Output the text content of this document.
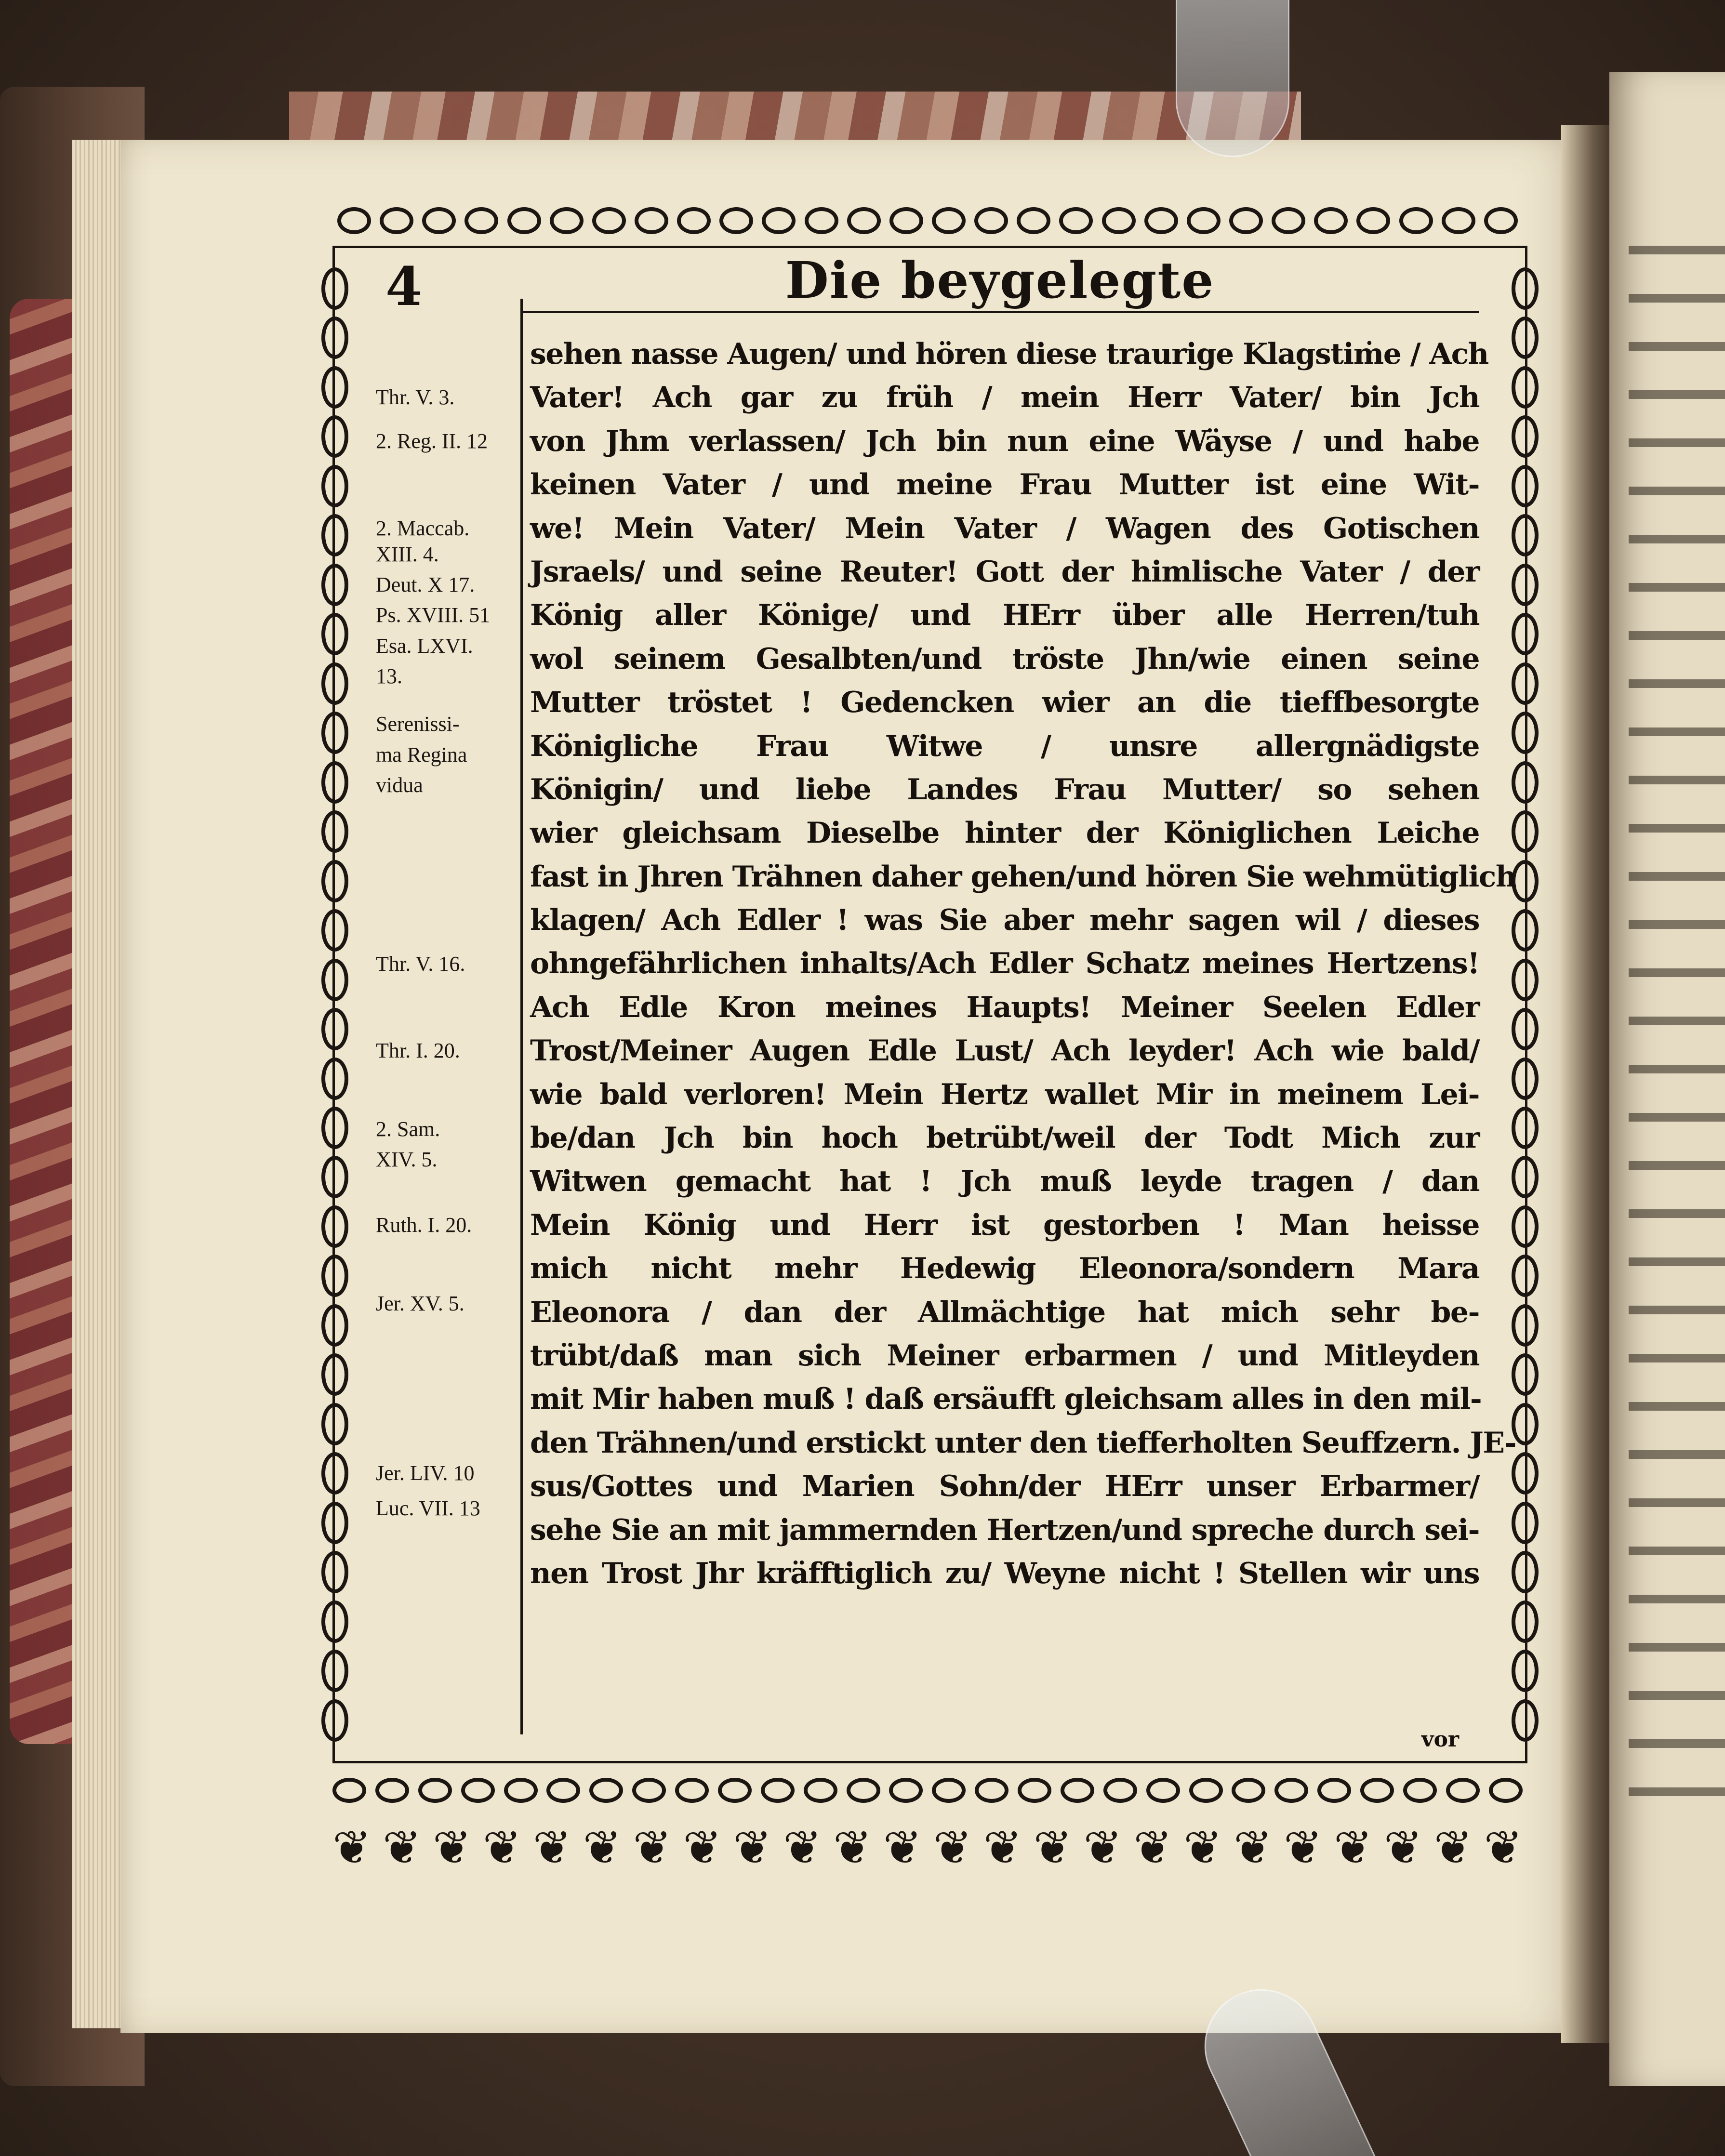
4	Die beygelegte
Thr. V. 3.
2. Reg. II. 12
2. Maccab.
XIII. 4.
Deut. X 17.
Ps. XVIII. 51
Esa. LXVI.
13.
Serenissi-
ma Regina
vidua
Thr. V. 16.
Thr. I. 20.
2. Sam.
XIV. 5.
Ruth. I. 20.
Jer. XV. 5.
Jer. LIV. 10
Luc. VII. 13
sehen nasse Augen/ und hören diese traurige Klagstiṁe / Ach
Vater! Ach gar zu früh / mein Herr Vater/ bin Jch
von Jhm verlassen/ Jch bin nun eine Wäyse / und habe
keinen Vater / und meine Frau Mutter ist eine Wit-
we! Mein Vater/ Mein Vater / Wagen des Gotischen
Jsraels/ und seine Reuter! Gott der himlische Vater / der
König aller Könige/ und HErr über alle Herren/tuh
wol seinem Gesalbten/und tröste Jhn/wie einen seine
Mutter tröstet ! Gedencken wier an die tieffbesorgte
Königliche Frau Witwe / unsre allergnädigste
Königin/ und liebe Landes Frau Mutter/ so sehen
wier gleichsam Dieselbe hinter der Königlichen Leiche
fast in Jhren Trähnen daher gehen/und hören Sie wehmütiglich
klagen/ Ach Edler ! was Sie aber mehr sagen wil / dieses
ohngefährlichen inhalts/Ach Edler Schatz meines Hertzens!
Ach Edle Kron meines Haupts! Meiner Seelen Edler
Trost/Meiner Augen Edle Lust/ Ach leyder! Ach wie bald/
wie bald verloren! Mein Hertz wallet Mir in meinem Lei-
be/dan Jch bin hoch betrübt/weil der Todt Mich zur
Witwen gemacht hat ! Jch muß leyde tragen / dan
Mein König und Herr ist gestorben ! Man heisse
mich nicht mehr Hedewig Eleonora/sondern Mara
Eleonora / dan der Allmächtige hat mich sehr be-
trübt/daß man sich Meiner erbarmen / und Mitleyden
mit Mir haben muß ! daß ersäufft gleichsam alles in den mil-
den Trähnen/und erstickt unter den tiefferholten Seuffzern. JE-
sus/Gottes und Marien Sohn/der HErr unser Erbarmer/
sehe Sie an mit jammernden Hertzen/und spreche durch sei-
nen Trost Jhr kräfftiglich zu/ Weyne nicht ! Stellen wir uns
vor
❦ ❦ ❦ ❦ ❦ ❦ ❦ ❦ ❦ ❦ ❦ ❦ ❦ ❦ ❦ ❦ ❦ ❦ ❦ ❦ ❦ ❦ ❦ ❦
